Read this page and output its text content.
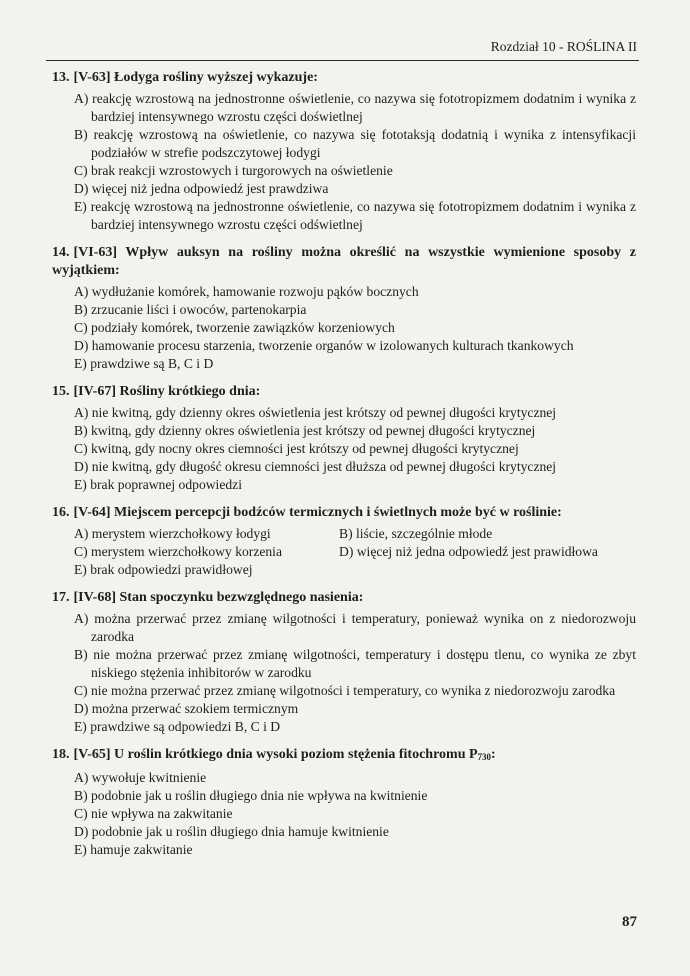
Rozdział 10 - ROŚLINA II
13. [V-63] Łodyga rośliny wyższej wykazuje:
A) reakcję wzrostową na jednostronne oświetlenie, co nazywa się fototropizmem dodatnim i wynika z bardziej intensywnego wzrostu części doświetlnej
B) reakcję wzrostową na oświetlenie, co nazywa się fototaksją dodatnią i wynika z intensyfikacji podziałów w strefie podszczytowej łodygi
C) brak reakcji wzrostowych i turgorowych na oświetlenie
D) więcej niż jedna odpowiedź jest prawdziwa
E) reakcję wzrostową na jednostronne oświetlenie, co nazywa się fototropizmem dodatnim i wynika z bardziej intensywnego wzrostu części odświetlnej
14. [VI-63] Wpływ auksyn na rośliny można określić na wszystkie wymienione sposoby z wyjątkiem:
A) wydłużanie komórek, hamowanie rozwoju pąków bocznych
B) zrzucanie liści i owoców, partenokarpia
C) podziały komórek, tworzenie zawiązków korzeniowych
D) hamowanie procesu starzenia, tworzenie organów w izolowanych kulturach tkankowych
E) prawdziwe są B, C i D
15. [IV-67] Rośliny krótkiego dnia:
A) nie kwitną, gdy dzienny okres oświetlenia jest krótszy od pewnej długości krytycznej
B) kwitną, gdy dzienny okres oświetlenia jest krótszy od pewnej długości krytycznej
C) kwitną, gdy nocny okres ciemności jest krótszy od pewnej długości krytycznej
D) nie kwitną, gdy długość okresu ciemności jest dłuższa od pewnej długości krytycznej
E) brak poprawnej odpowiedzi
16. [V-64] Miejscem percepcji bodźców termicznych i świetlnych może być w roślinie:
A) merystem wierzchołkowy łodygi	B) liście, szczególnie młode
C) merystem wierzchołkowy korzenia	D) więcej niż jedna odpowiedź jest prawidłowa
E) brak odpowiedzi prawidłowej
17. [IV-68] Stan spoczynku bezwzględnego nasienia:
A) można przerwać przez zmianę wilgotności i temperatury, ponieważ wynika on z niedorozwoju zarodka
B) nie można przerwać przez zmianę wilgotności, temperatury i dostępu tlenu, co wynika ze zbyt niskiego stężenia inhibitorów w zarodku
C) nie można przerwać przez zmianę wilgotności i temperatury, co wynika z niedorozwoju zarodka
D) można przerwać szokiem termicznym
E) prawdziwe są odpowiedzi B, C i D
18. [V-65] U roślin krótkiego dnia wysoki poziom stężenia fitochromu $P_{730}$:
A) wywołuje kwitnienie
B) podobnie jak u roślin długiego dnia nie wpływa na kwitnienie
C) nie wpływa na zakwitanie
D) podobnie jak u roślin długiego dnia hamuje kwitnienie
E) hamuje zakwitanie
87
